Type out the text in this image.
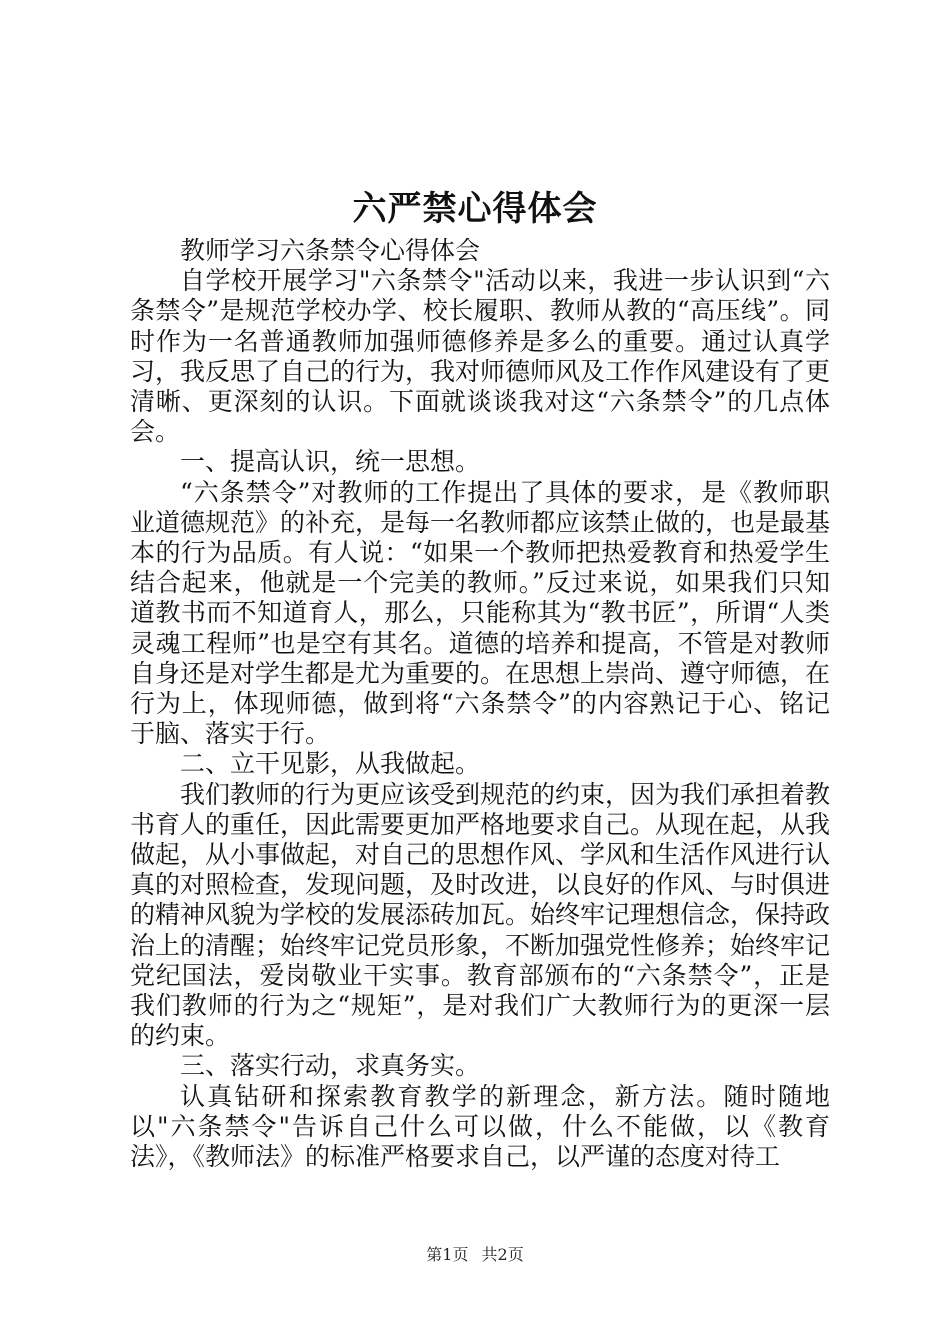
六严禁心得体会

教师学习六条禁令心得体会

自学校开展学习"六条禁令"活动以来，我进一步认识到“六条禁令”是规范学校办学、校长履职、教师从教的“高压线”。同时作为一名普通教师加强师德修养是多么的重要。通过认真学习，我反思了自己的行为，我对师德师风及工作作风建设有了更清晰、更深刻的认识。下面就谈谈我对这“六条禁令”的几点体会。

一、提高认识，统一思想。

“六条禁令”对教师的工作提出了具体的要求，是《教师职业道德规范》的补充，是每一名教师都应该禁止做的，也是最基本的行为品质。有人说：“如果一个教师把热爱教育和热爱学生结合起来，他就是一个完美的教师。”反过来说，如果我们只知道教书而不知道育人，那么，只能称其为“教书匠”，所谓“人类灵魂工程师”也是空有其名。道德的培养和提高，不管是对教师自身还是对学生都是尤为重要的。在思想上崇尚、遵守师德，在行为上，体现师德，做到将“六条禁令”的内容熟记于心、铭记于脑、落实于行。

二、立干见影，从我做起。

我们教师的行为更应该受到规范的约束，因为我们承担着教书育人的重任，因此需要更加严格地要求自己。从现在起，从我做起，从小事做起，对自己的思想作风、学风和生活作风进行认真的对照检查，发现问题，及时改进，以良好的作风、与时俱进的精神风貌为学校的发展添砖加瓦。始终牢记理想信念，保持政治上的清醒；始终牢记党员形象，不断加强党性修养；始终牢记党纪国法，爱岗敬业干实事。教育部颁布的“六条禁令”，正是我们教师的行为之“规矩”，是对我们广大教师行为的更深一层的约束。

三、落实行动，求真务实。

认真钻研和探索教育教学的新理念，新方法。随时随地以"六条禁令"告诉自己什么可以做，什么不能做，以《教育法》，《教师法》的标准严格要求自己，以严谨的态度对待工

第1页 共2页
